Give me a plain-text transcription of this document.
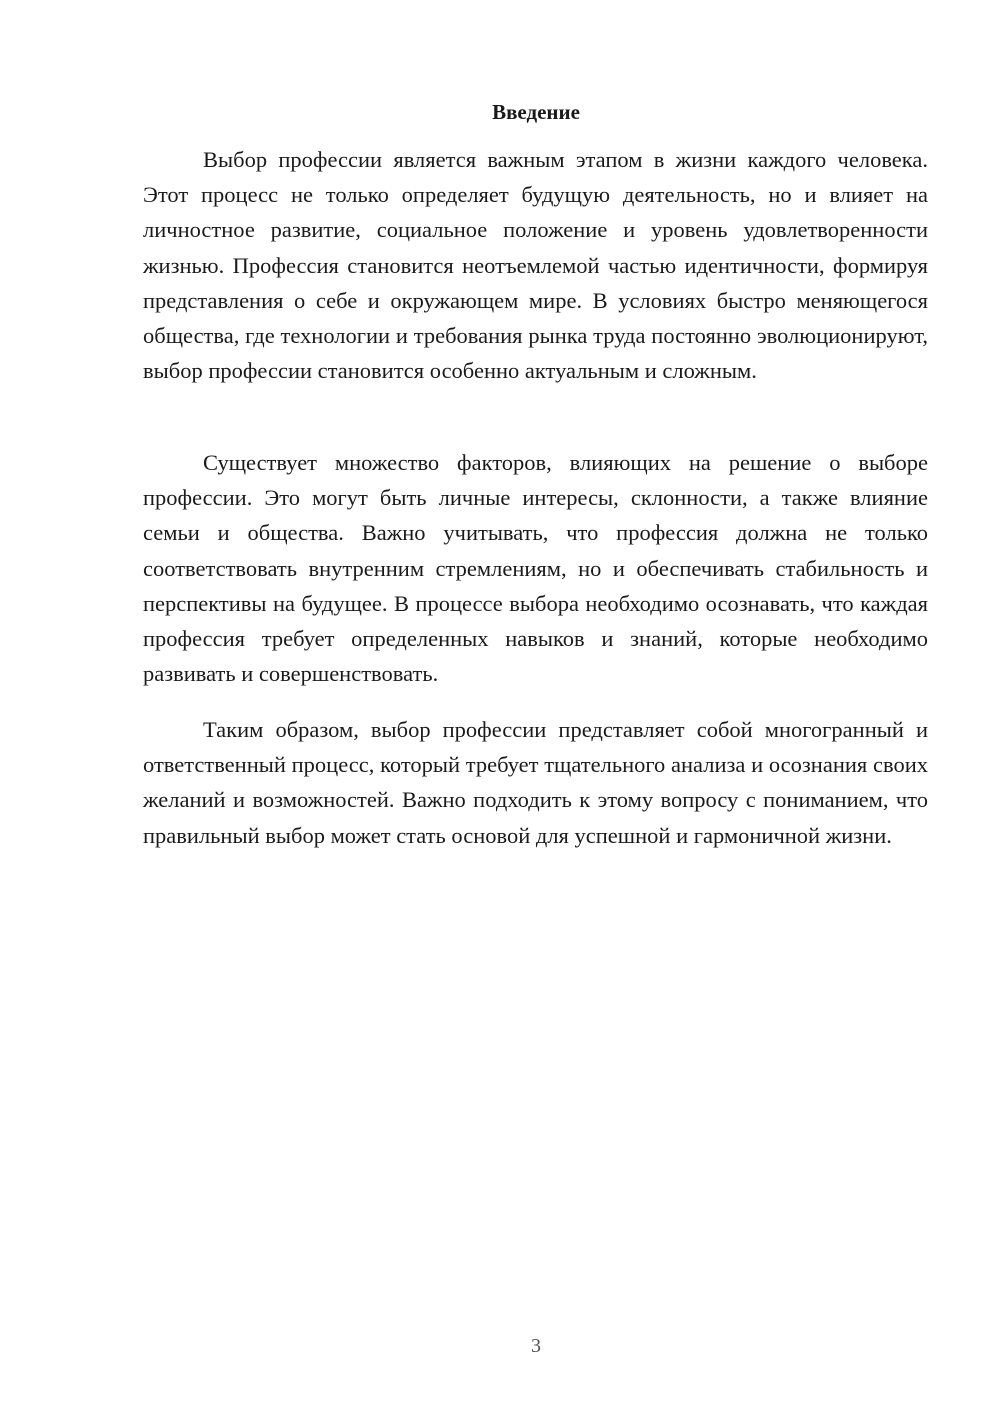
Введение

Выбор профессии является важным этапом в жизни каждого человека. Этот процесс не только определяет будущую деятельность, но и влияет на личностное развитие, социальное положение и уровень удовлетворенности жизнью. Профессия становится неотъемлемой частью идентичности, формируя представления о себе и окружающем мире. В условиях быстро меняющегося общества, где технологии и требования рынка труда постоянно эволюционируют, выбор профессии становится особенно актуальным и сложным.

Существует множество факторов, влияющих на решение о выборе профессии. Это могут быть личные интересы, склонности, а также влияние семьи и общества. Важно учитывать, что профессия должна не только соответствовать внутренним стремлениям, но и обеспечивать стабильность и перспективы на будущее. В процессе выбора необходимо осознавать, что каждая профессия требует определенных навыков и знаний, которые необходимо развивать и совершенствовать.

Таким образом, выбор профессии представляет собой многогранный и ответственный процесс, который требует тщательного анализа и осознания своих желаний и возможностей. Важно подходить к этому вопросу с пониманием, что правильный выбор может стать основой для успешной и гармоничной жизни.

3
